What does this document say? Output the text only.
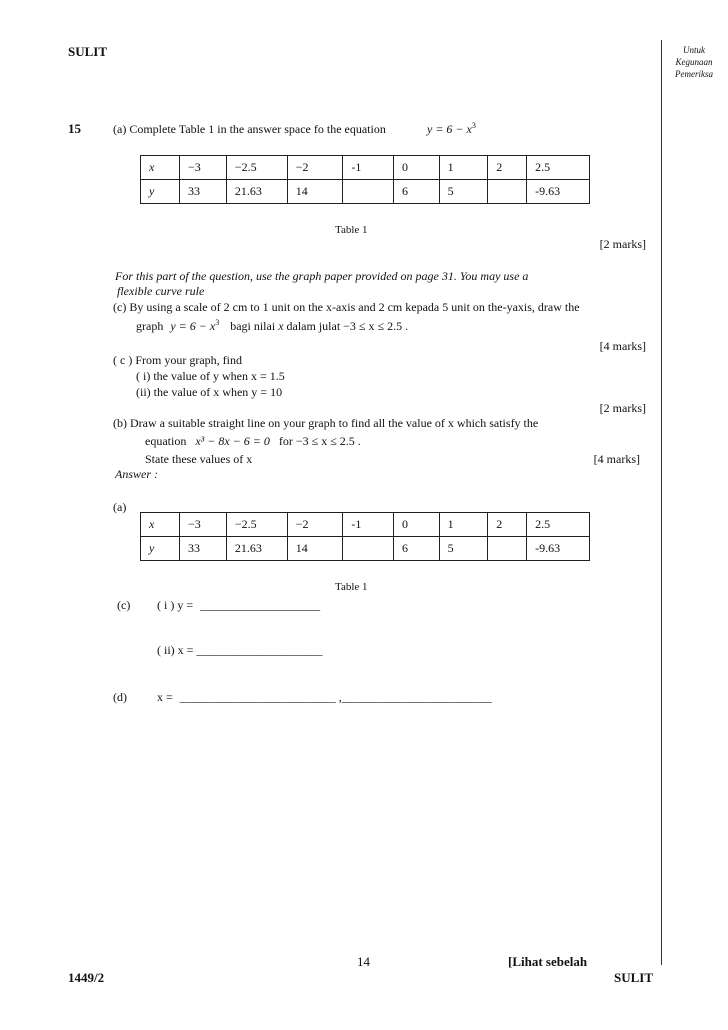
SULIT	Untuk
Kegunaan
Pemeriksa
15	(a) Complete Table 1 in the answer space fo the equation	$y = 6 - x^3$
x	−3	−2.5	−2	-1	0	1	2	2.5
y	33	21.63	14		6	5		-9.63
Table 1
[2 marks]
For this part of the question, use the graph paper provided on page 31. You may use a
flexible curve rule
(c) By using a scale of 2 cm to 1 unit on the x-axis and 2 cm kepada 5 unit on the-yaxis, draw the
graph $y = 6 - x^3$ bagi nilai x dalam julat −3 ≤ x ≤ 2.5 .
[4 marks]
( c ) From your graph, find
( i) the value of y when x = 1.5
(ii) the value of x when y = 10
[2 marks]
(b) Draw a suitable straight line on your graph to find all the value of x which satisfy the
equation x³ − 8x − 6 = 0 for −3 ≤ x ≤ 2.5 .
State these values of x	[4 marks]
Answer :
(a)
x	−3	−2.5	−2	-1	0	1	2	2.5
y	33	21.63	14		6	5		-9.63
Table 1
(c) ( i ) y = ____________________
( ii) x = _____________________
(d)	x = __________________________ ,_________________________
14	[Lihat sebelah
1449/2	SULIT
